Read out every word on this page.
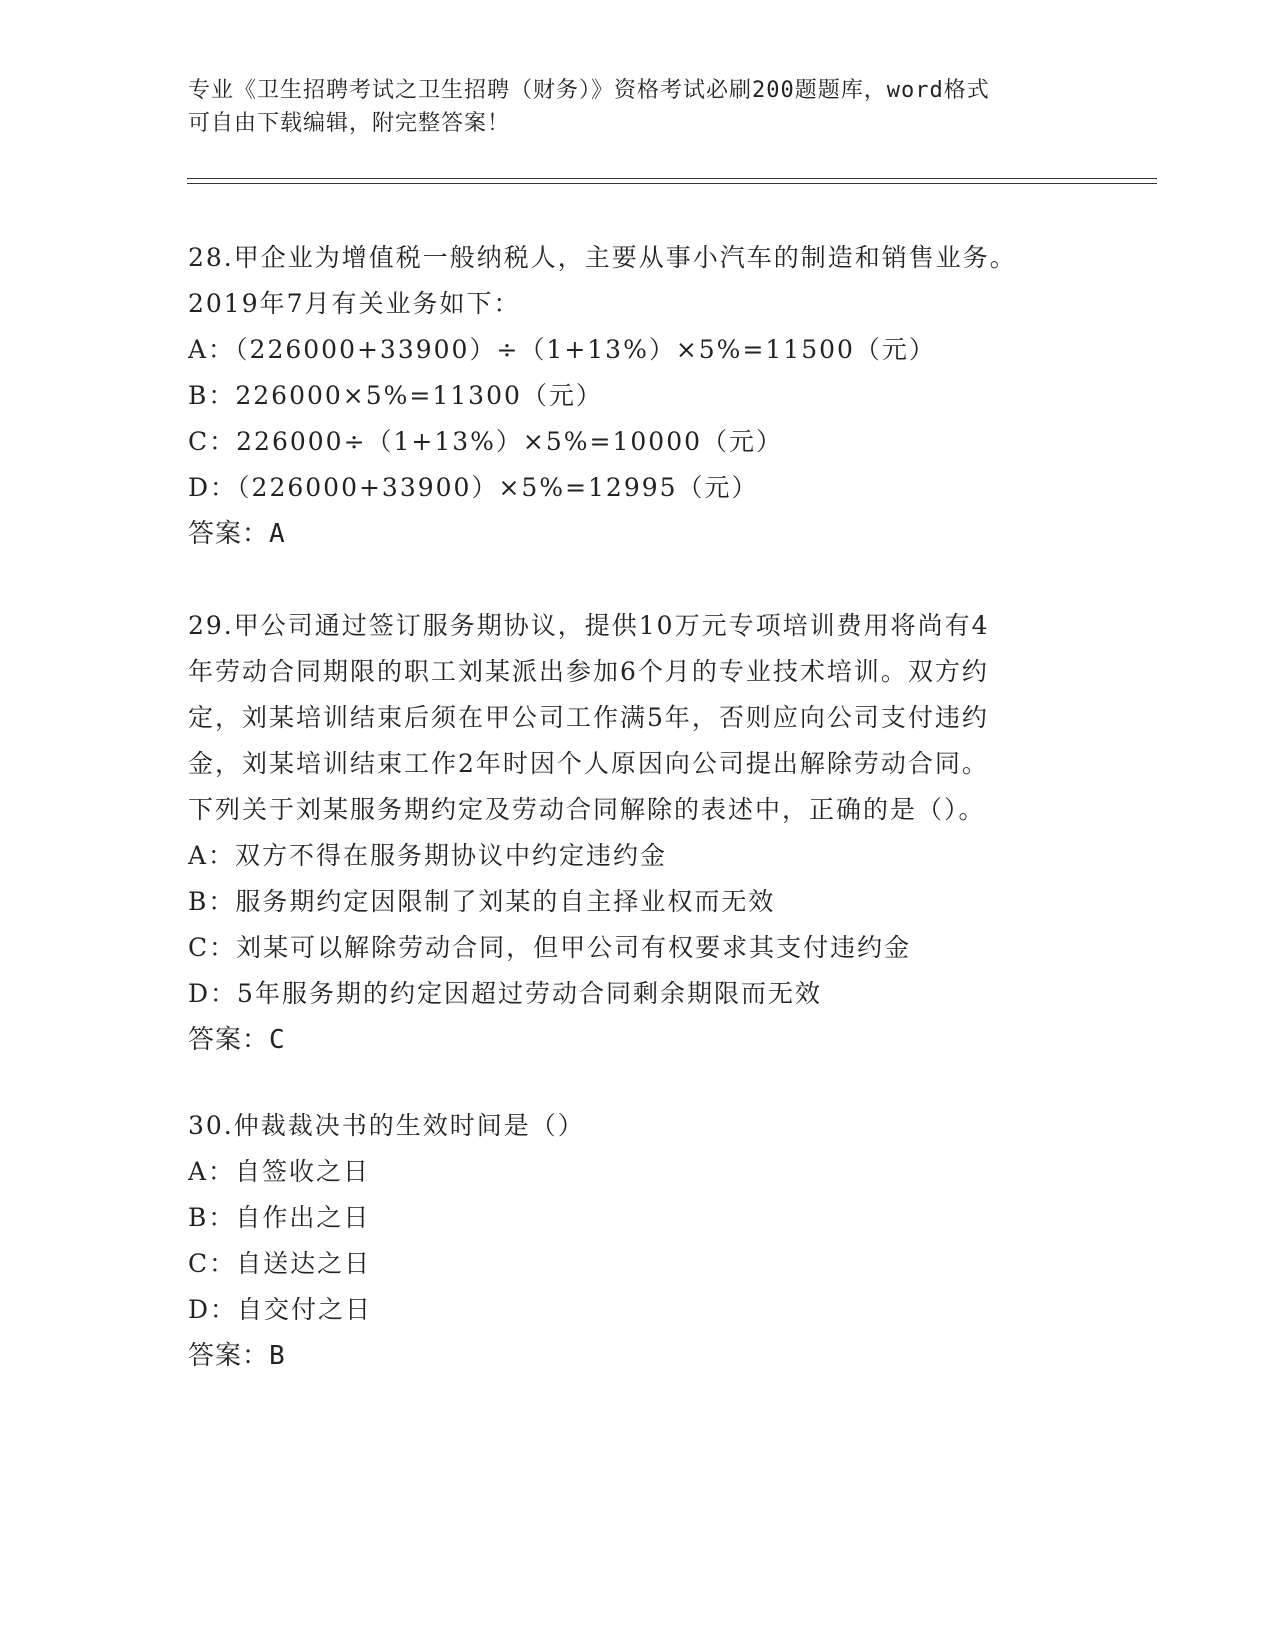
专业《卫生招聘考试之卫生招聘（财务）》资格考试必刷200题题库，word格式
可自由下载编辑，附完整答案！
28.甲企业为增值税一般纳税人，主要从事小汽车的制造和销售业务。
2019年7月有关业务如下：
A：（226000+33900）÷（1+13%）×5%=11500（元）
B：226000×5%=11300（元）
C：226000÷（1+13%）×5%=10000（元）
D：（226000+33900）×5%=12995（元）
答案：A
29.甲公司通过签订服务期协议，提供10万元专项培训费用将尚有4
年劳动合同期限的职工刘某派出参加6个月的专业技术培训。双方约
定，刘某培训结束后须在甲公司工作满5年，否则应向公司支付违约
金，刘某培训结束工作2年时因个人原因向公司提出解除劳动合同。
下列关于刘某服务期约定及劳动合同解除的表述中，正确的是（）。
A：双方不得在服务期协议中约定违约金
B：服务期约定因限制了刘某的自主择业权而无效
C：刘某可以解除劳动合同，但甲公司有权要求其支付违约金
D：5年服务期的约定因超过劳动合同剩余期限而无效
答案：C
30.仲裁裁决书的生效时间是（）
A：自签收之日
B：自作出之日
C：自送达之日
D：自交付之日
答案：B
